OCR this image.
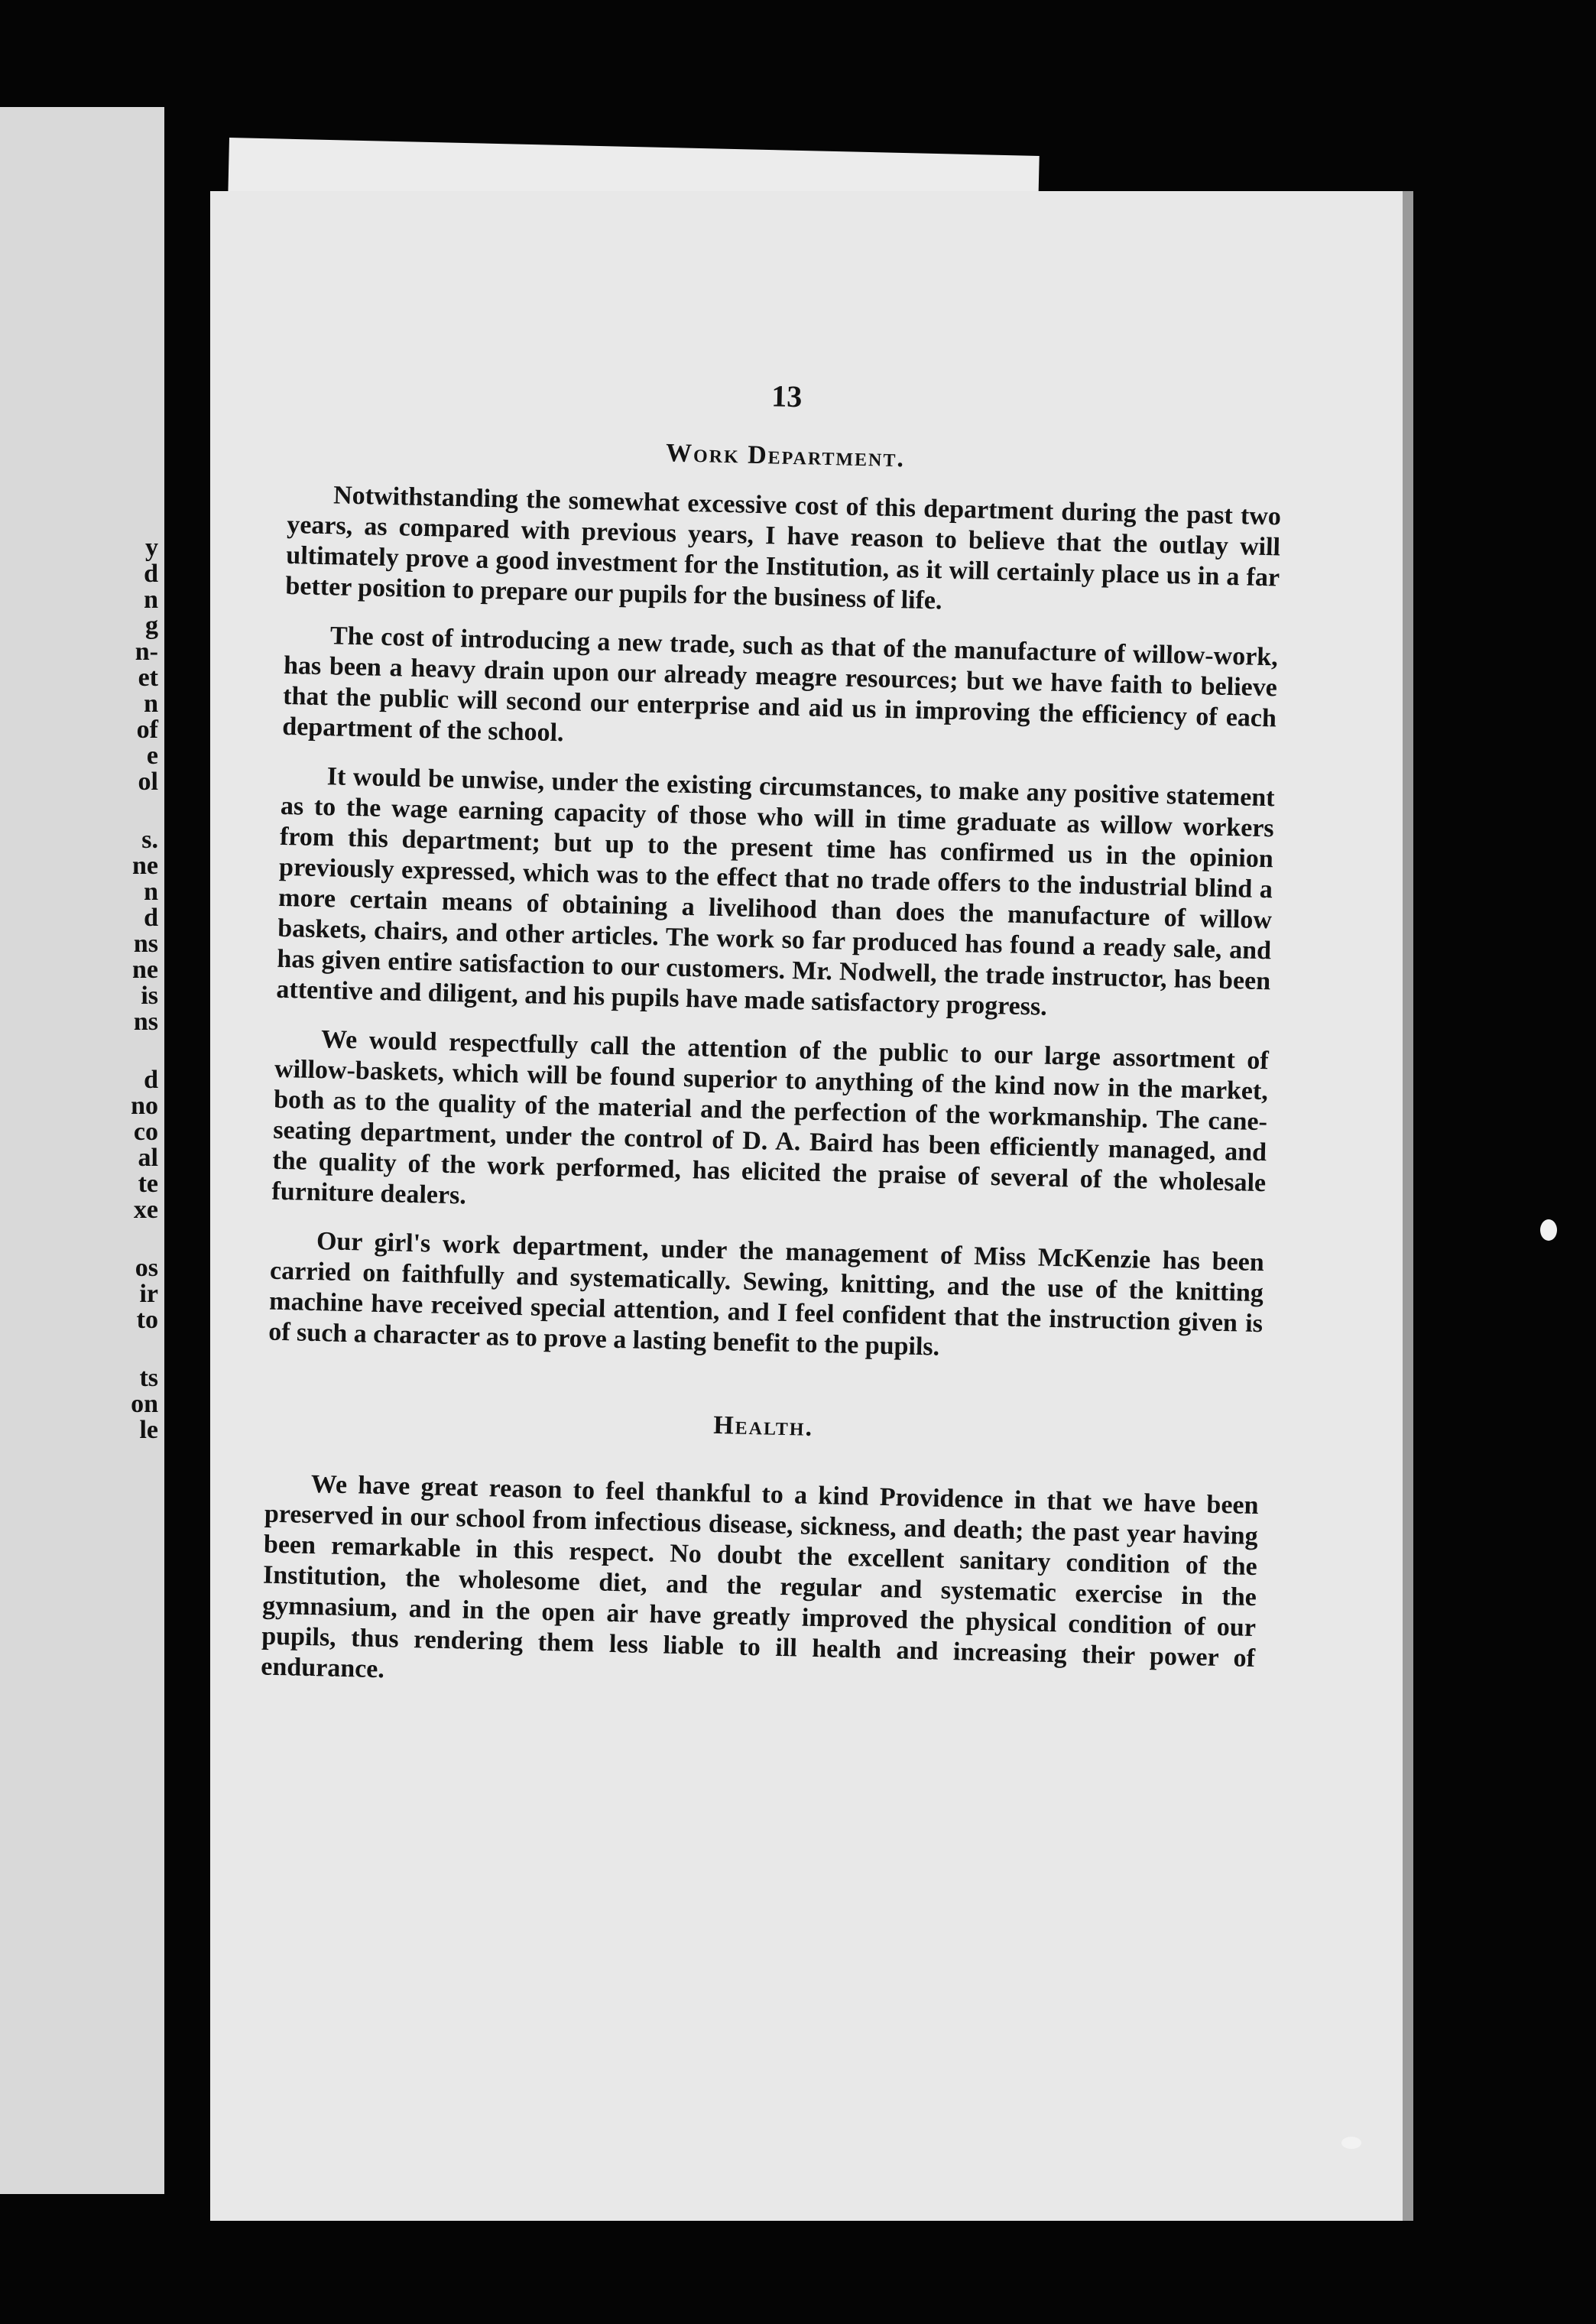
y
d
n
g
n-
et
n
of
e
ol
s.
ne
n
d
ns
ne
is
ns
d
no
co
al
te
xe
os
ir
to
ts
on
le
13
Work Department.

Notwithstanding the somewhat excessive cost of this department during the past two years, as compared with previous years, I have reason to believe that the outlay will ultimately prove a good investment for the Institution, as it will certainly place us in a far better position to prepare our pupils for the business of life.

The cost of introducing a new trade, such as that of the manufacture of willow-work, has been a heavy drain upon our already meagre resources; but we have faith to believe that the public will second our enterprise and aid us in improving the efficiency of each department of the school.

It would be unwise, under the existing circumstances, to make any positive statement as to the wage earning capacity of those who will in time graduate as willow workers from this department; but up to the present time has confirmed us in the opinion previously expressed, which was to the effect that no trade offers to the industrial blind a more certain means of obtaining a livelihood than does the manufacture of willow baskets, chairs, and other articles. The work so far produced has found a ready sale, and has given entire satisfaction to our customers. Mr. Nodwell, the trade instructor, has been attentive and diligent, and his pupils have made satisfactory progress.

We would respectfully call the attention of the public to our large assortment of willow-baskets, which will be found superior to anything of the kind now in the market, both as to the quality of the material and the perfection of the workmanship. The cane-seating department, under the control of D. A. Baird has been efficiently managed, and the quality of the work performed, has elicited the praise of several of the wholesale furniture dealers.

Our girl's work department, under the management of Miss McKenzie has been carried on faithfully and systematically. Sewing, knitting, and the use of the knitting machine have received special attention, and I feel confident that the instruction given is of such a character as to prove a lasting benefit to the pupils.

Health.

We have great reason to feel thankful to a kind Providence in that we have been preserved in our school from infectious disease, sickness, and death; the past year having been remarkable in this respect. No doubt the excellent sanitary condition of the Institution, the wholesome diet, and the regular and systematic exercise in the gymnasium, and in the open air have greatly improved the physical condition of our pupils, thus rendering them less liable to ill health and increasing their power of endurance.
